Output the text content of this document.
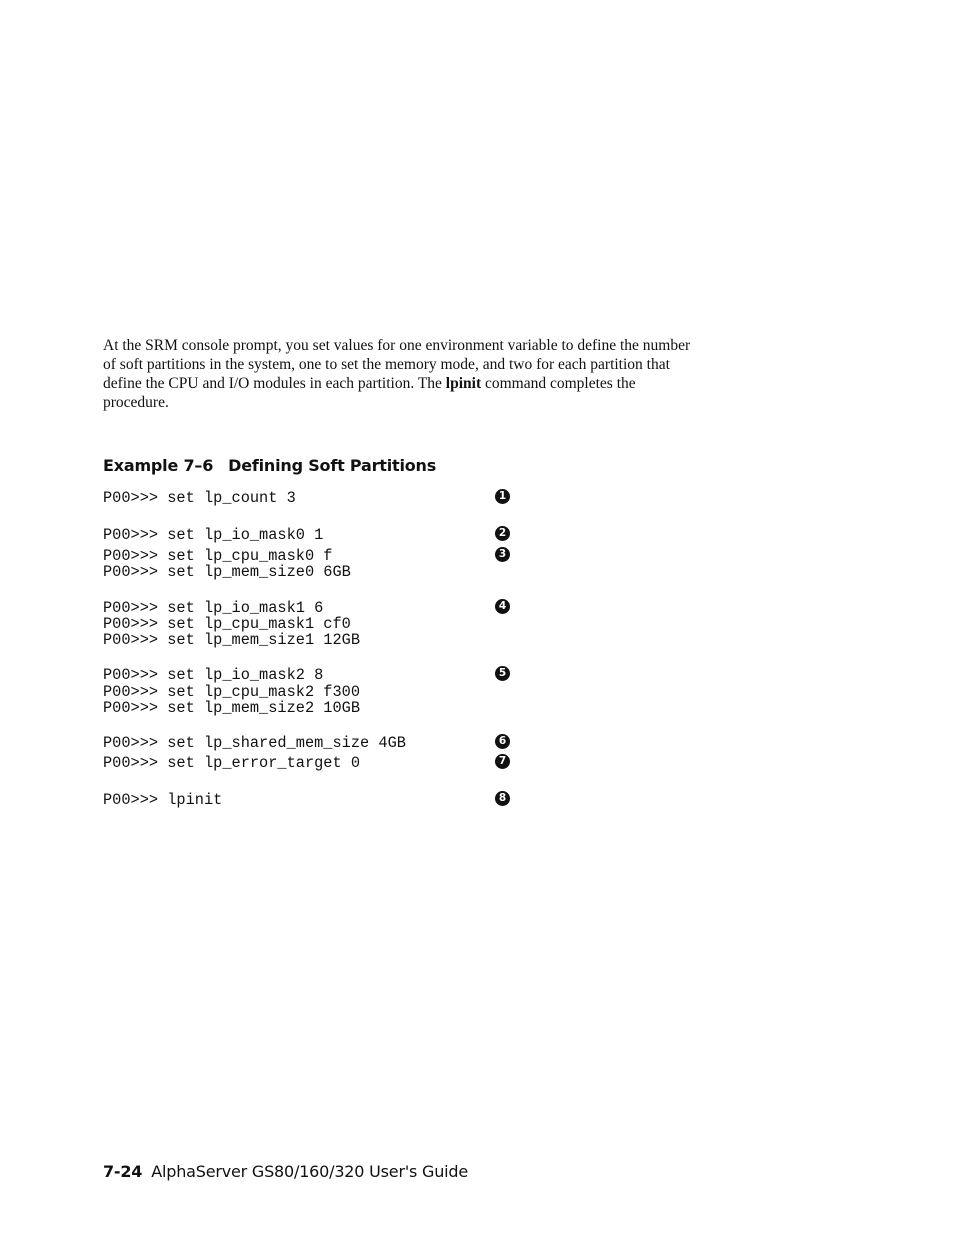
At the SRM console prompt, you set values for one environment variable to define the number of soft partitions in the system, one to set the memory mode, and two for each partition that define the CPU and I/O modules in each partition. The lpinit command completes the procedure.

Example 7–6 Defining Soft Partitions
P00>>> set lp_count 3
P00>>> set lp_io_mask0 1
P00>>> set lp_cpu_mask0 f
P00>>> set lp_mem_size0 6GB
P00>>> set lp_io_mask1 6
P00>>> set lp_cpu_mask1 cf0
P00>>> set lp_mem_size1 12GB
P00>>> set lp_io_mask2 8
P00>>> set lp_cpu_mask2 f300
P00>>> set lp_mem_size2 10GB
P00>>> set lp_shared_mem_size 4GB
P00>>> set lp_error_target 0
P00>>> lpinit
1
2
3
4
5
6
7
8
7-24 AlphaServer GS80/160/320 User's Guide
